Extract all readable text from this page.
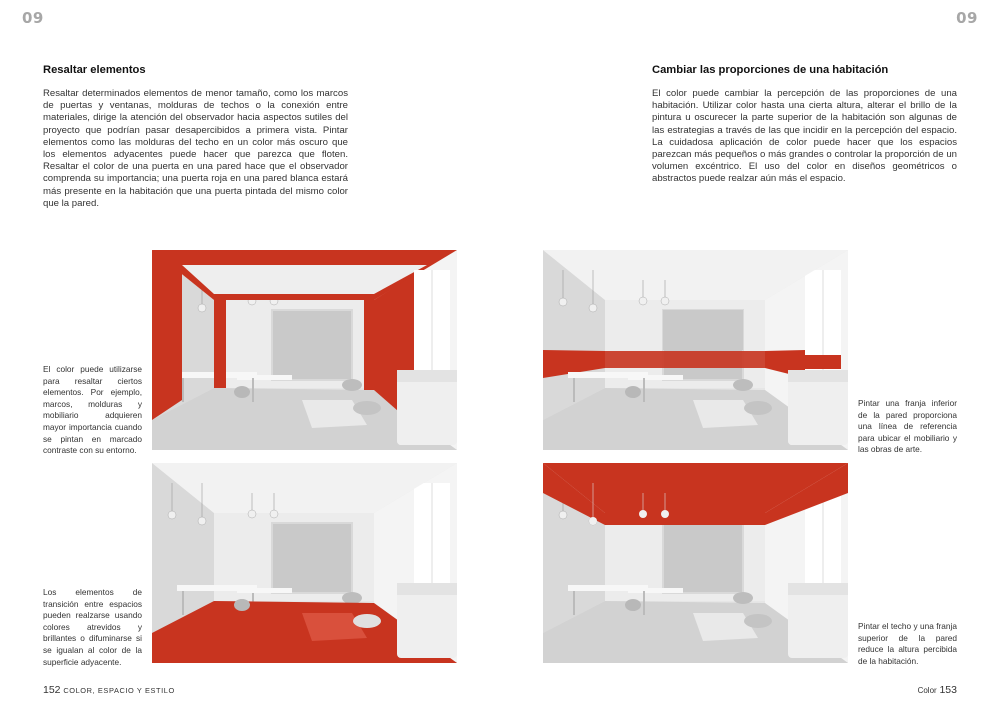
09	09
Resaltar elementos

Resaltar determinados elementos de menor tamaño, como los marcos de puertas y ventanas, molduras de techos o la conexión entre materiales, dirige la atención del observador hacia aspectos sutiles del proyecto que podrían pasar desapercibidos a primera vista. Pintar elementos como las molduras del techo en un color más oscuro que los elementos adyacentes puede hacer que parezca que floten. Resaltar el color de una puerta en una pared hace que el observador comprenda su importancia; una puerta roja en una pared blanca estará más presente en la habitación que una puerta pintada del mismo color que la pared.

El color puede utilizarse para resaltar ciertos elementos. Por ejemplo, marcos, molduras y mobiliario adquieren mayor importancia cuando se pintan en marcado contraste con su entorno.

Los elementos de transición entre espacios pueden realzarse usando colores atrevidos y brillantes o difuminarse si se igualan al color de la superficie adyacente.

Cambiar las proporciones de una habitación

El color puede cambiar la percepción de las proporciones de una habitación. Utilizar color hasta una cierta altura, alterar el brillo de la pintura u oscurecer la parte superior de la habitación son algunas de las estrategias a través de las que incidir en la percepción del espacio. La cuidadosa aplicación de color puede hacer que los espacios parezcan más pequeños o más grandes o controlar la proporción de un volumen excéntrico. El uso del color en diseños geométricos o abstractos puede realzar aún más el espacio.

Pintar una franja inferior de la pared proporciona una línea de referencia para ubicar el mobiliario y las obras de arte.

Pintar el techo y una franja superior de la pared reduce la altura percibida de la habitación.

152 COLOR, ESPACIO Y ESTILO	Color 153
